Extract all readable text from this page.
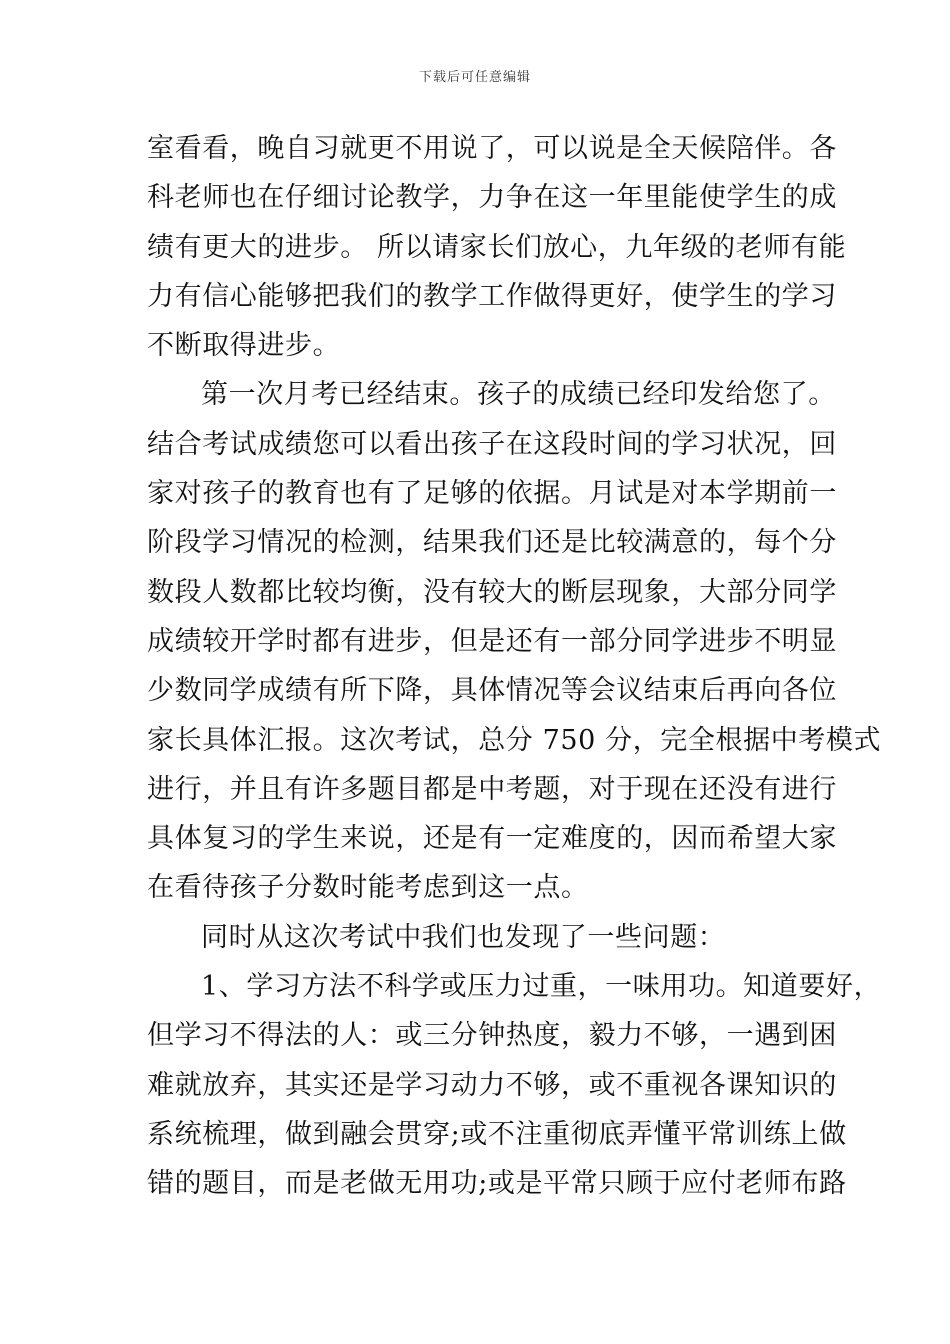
下载后可任意编辑
室看看，晚自习就更不用说了，可以说是全天候陪伴。各
科老师也在仔细讨论教学，力争在这一年里能使学生的成
绩有更大的进步。 所以请家长们放心，九年级的老师有能
力有信心能够把我们的教学工作做得更好，使学生的学习
不断取得进步。
第一次月考已经结束。孩子的成绩已经印发给您了。
结合考试成绩您可以看出孩子在这段时间的学习状况，回
家对孩子的教育也有了足够的依据。月试是对本学期前一
阶段学习情况的检测，结果我们还是比较满意的，每个分
数段人数都比较均衡，没有较大的断层现象，大部分同学
成绩较开学时都有进步，但是还有一部分同学进步不明显
少数同学成绩有所下降，具体情况等会议结束后再向各位
家长具体汇报。这次考试，总分 750 分，完全根据中考模式
进行，并且有许多题目都是中考题，对于现在还没有进行
具体复习的学生来说，还是有一定难度的，因而希望大家
在看待孩子分数时能考虑到这一点。
同时从这次考试中我们也发现了一些问题：
1、学习方法不科学或压力过重，一味用功。知道要好，
但学习不得法的人：或三分钟热度，毅力不够，一遇到困
难就放弃，其实还是学习动力不够，或不重视各课知识的
系统梳理，做到融会贯穿;或不注重彻底弄懂平常训练上做
错的题目，而是老做无用功;或是平常只顾于应付老师布路
